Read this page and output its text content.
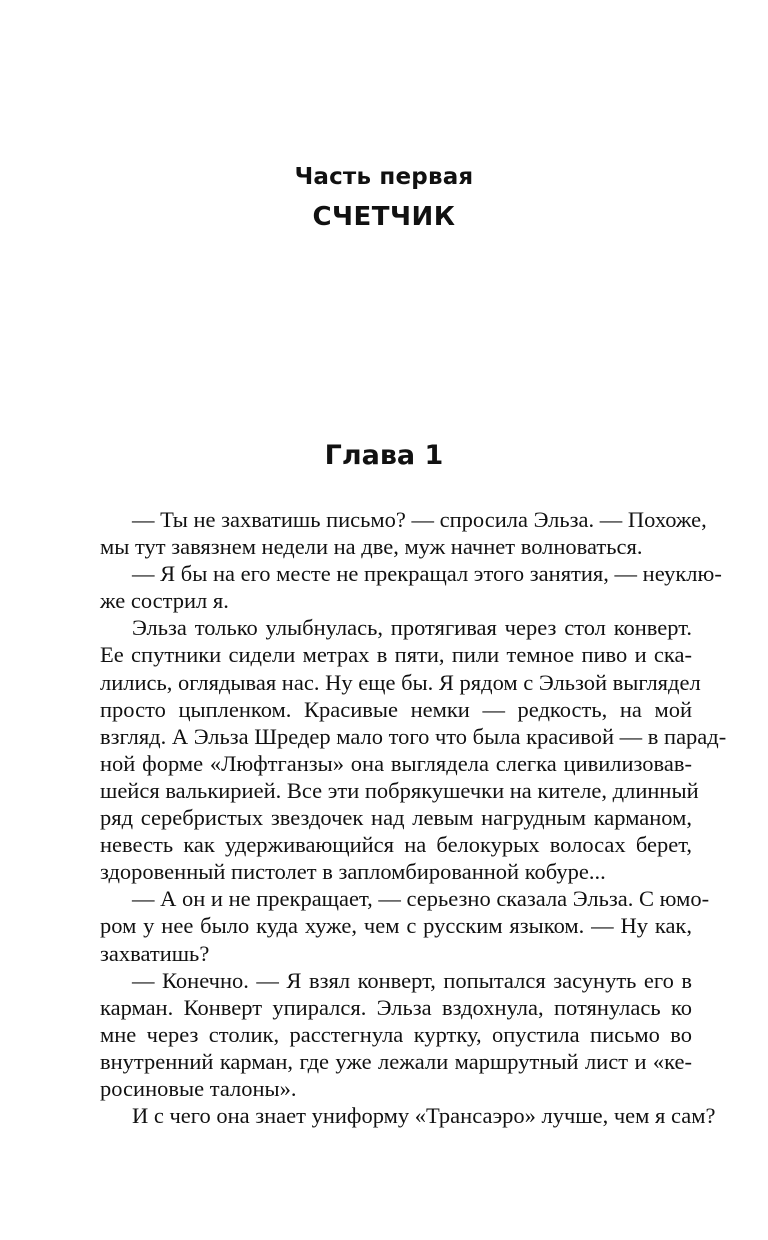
Часть первая
СЧЕТЧИК
Глава 1
— Ты не захватишь письмо? — спросила Эльза. — Похоже,
мы тут завязнем недели на две, муж начнет волноваться.
— Я бы на его месте не прекращал этого занятия, — неуклю-
же сострил я.
Эльза только улыбнулась, протягивая через стол конверт.
Ее спутники сидели метрах в пяти, пили темное пиво и ска-
лились, оглядывая нас. Ну еще бы. Я рядом с Эльзой выглядел
просто цыпленком. Красивые немки — редкость, на мой
взгляд. А Эльза Шредер мало того что была красивой — в парад-
ной форме «Люфтганзы» она выглядела слегка цивилизовав-
шейся валькирией. Все эти побрякушечки на кителе, длинный
ряд серебристых звездочек над левым нагрудным карманом,
невесть как удерживающийся на белокурых волосах берет,
здоровенный пистолет в запломбированной кобуре...
— А он и не прекращает, — серьезно сказала Эльза. С юмо-
ром у нее было куда хуже, чем с русским языком. — Ну как,
захватишь?
— Конечно. — Я взял конверт, попытался засунуть его в
карман. Конверт упирался. Эльза вздохнула, потянулась ко
мне через столик, расстегнула куртку, опустила письмо во
внутренний карман, где уже лежали маршрутный лист и «ке-
росиновые талоны».
И с чего она знает униформу «Трансаэро» лучше, чем я сам?
